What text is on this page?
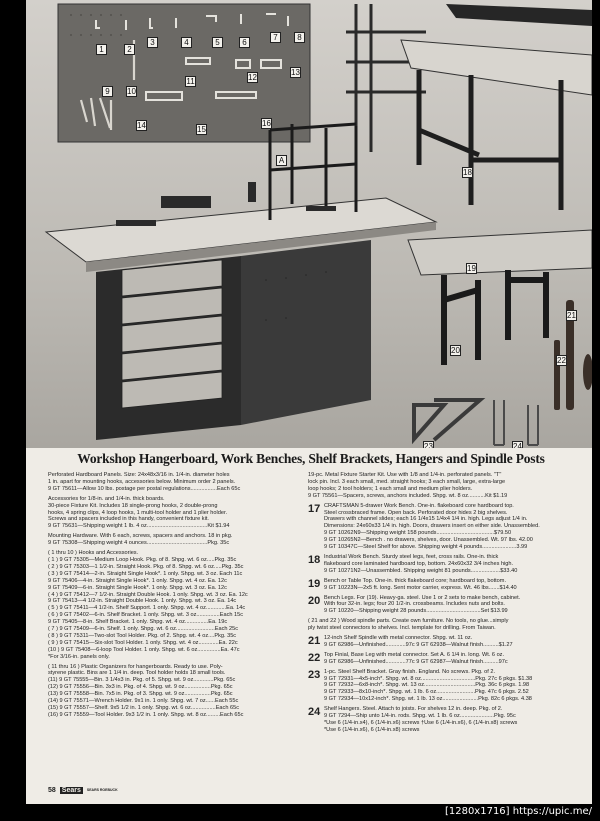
1	2
3	4	5	6
7	8
9	10
11	12
13
14	15
16
A
18
19
20
21
22
23	24
Workshop Hangerboard, Work Benches, Shelf Brackets, Hangers and Spindle Posts
Perforated Hardboard Panels. Size: 24x48x3/16 in. 1/4-in. diameter holes
1 in. apart for mounting hooks, accessories below. Minimum order 2 panels.
9 GT 75611—Allow 10 lbs. postage per postal regulations.................Each 65c
Accessories for 1/8-in. and 1/4-in. thick boards.
30-piece Fixture Kit. Includes 18 single-prong hooks, 2 double-prong
hooks, 4 spring clips, 4 loop hooks, 1 multi-tool holder and 1 plier holder.
Screws and spacers included in this handy, convenient fixture kit.
9 GT 75631—Shipping weight 1 lb. 4 oz.......................................Kit $1.94
Mounting Hardware. With 6 each, screws, spacers and anchors. 18 in pkg.
9 GT 75308—Shipping weight 4 ounces.......................................Pkg. 35c
( 1 thru 10 ) Hooks and Accessories.
( 1 ) 9 GT 75305—Medium Loop Hook. Pkg. of 8. Shpg. wt. 6 oz.....Pkg. 35c
( 2 ) 9 GT 75303—1 1/2-in. Straight Hook. Pkg. of 8. Shpg. wt. 6 oz.....Pkg. 35c
( 3 ) 9 GT 75414—2-in. Straight Single Hook*. 1 only. Shpg. wt. 3 oz. Each 11c
9 GT 75406—4-in. Straight Single Hook*. 1 only. Shpg. wt. 4 oz. Ea. 12c
9 GT 75409—6-in. Straight Single Hook*. 1 only. Shpg. wt. 3 oz. Ea. 12c
( 4 ) 9 GT 75412—7 1/2-in. Straight Double Hook. 1 only. Shpg. wt. 3 oz. Ea. 12c
9 GT 75413—4 1/2-in. Straight Double Hook. 1 only. Shpg. wt. 3 oz. Ea. 14c
( 5 ) 9 GT 75411—4 1/2-in. Shelf Support. 1 only. Shpg. wt. 4 oz.............Ea. 14c
( 6 ) 9 GT 75402—6-in. Shelf Bracket. 1 only. Shpg. wt. 3 oz...............Each 15c
9 GT 75405—8-in. Shelf Bracket. 1 only. Shpg. wt. 4 oz...............Ea. 19c
( 7 ) 9 GT 75409—6-in. Shelf. 1 only. Shpg. wt. 6 oz.........................Each 25c
( 8 ) 9 GT 75311—Two-slot Tool Holder. Pkg. of 2. Shpg. wt. 4 oz....Pkg. 35c
( 9 ) 9 GT 75415—Six-slot Tool Holder. 1 only. Shpg. wt. 4 oz.............Ea. 22c
(10 ) 9 GT 75408—6-loop Tool Holder. 1 only. Shpg. wt. 6 oz...............Ea. 47c
*For 3/16-in. panels only.
( 11 thru 16 ) Plastic Organizers for hangerboards. Ready to use. Poly-
styrene plastic. Bins are 1 1/4 in. deep. Tool holder holds 18 small tools.
(11) 9 GT 75555—Bin. 3 1/4x3 in. Pkg. of 5. Shpg. wt. 9 oz.............Pkg. 65c
(12) 9 GT 75556—Bin. 3x3 in. Pkg. of 4. Shpg. wt. 9 oz.................Pkg. 65c
(13) 9 GT 75558—Bin. 7x5 in. Pkg. of 3. Shpg. wt. 9 oz.................Pkg. 65c
(14) 9 GT 75571—Wrench Holder. 9x1 in. 1 only. Shpg. wt. 7 oz......Each 55c
(15) 9 GT 75557—Shelf. 9x5 1/2 in. 1 only. Shpg. wt. 6 oz................Each 65c
(16) 9 GT 75559—Tool Holder. 9x3 1/2 in. 1 only. Shpg. wt. 8 oz.........Each 65c
19-pc. Metal Fixture Starter Kit. Use with 1/8 and 1/4-in. perforated panels. "T"
lock pin. Incl. 3 each small, med. straight hooks; 3 each small, large, extra-large
loop hooks; 2 tool holders; 1 each small and medium plier holders.
9 GT 75561—Spacers, screws, anchors included. Shpg. wt. 8 oz...........Kit $1.19
17 CRAFTSMAN 5-drawer Work Bench. One-in. flakeboard core hardboard top.
Steel crossbraced frame. Open back. Perforated door hides 2 big shelves.
Drawers with channel slides; each 16 1/4x15 1/4x4 1/4 in. high. Legs adjust 1/4 in.
Dimensions: 24x60x33 1/4 in. high. Doors, drawers insert on either side. Unassembled.
9 GT 10262N9—Shipping weight 158 pounds.....................................$79.50
9 GT 10265N2—Bench . no drawers, shelves, door. Unassembled. Wt. 97 lbs. 42.00
9 GT 10347C—Steel Shelf for above. Shipping weight 4 pounds......................3.99
18 Industrial Work Bench. Sturdy steel legs, feet, cross rails. One-in. thick
flakeboard core laminated hardboard top, bottom. 24x60x32 3/4 inches high.
9 GT 10271N2—Unassembled. Shipping weight 81 pounds...................$33.40
19 Bench or Table Top. One-in. thick flakeboard core; hardboard top, bottom.
9 GT 10223N—2x5 ft. long. Sent motor carrier, express. Wt. 46 lbs.......$14.40
20 Bench Legs. For (19). Heavy-ga. steel. Use 1 or 2 sets to make bench, cabinet.
With four 32-in. legs; four 20 1/2-in. crossbeams. Includes nuts and bolts.
9 GT 10220—Shipping weight 28 pounds...................................Set $13.99
( 21 and 22 ) Wood spindle parts. Create own furniture. No tools, no glue...simply
ply twist steel connectors to shelves. Incl. template for drilling. From Taiwan.
21 12-inch Shelf Spindle with metal connector. Shpg. wt. 11 oz.
9 GT 62986—Unfinished.............97c 9 GT 62938—Walnut finish..........$1.27
22 Top Finial, Base Leg with metal connector. Set A. 6 1/4 in. long. Wt. 6 oz.
9 GT 62986—Unfinished.............77c 9 GT 62987—Walnut finish..........97c
23 1-pc. Steel Shelf Bracket. Gray finish. England. No screws. Pkg. of 2.
9 GT 72931—4x5-inch*. Shpg. wt. 8 oz...................................Pkg. 27c 6 pkgs. $1.38
9 GT 72932—6x8-inch*. Shpg. wt. 13 oz.................................Pkg. 36c 6 pkgs. 1.98
9 GT 72933—8x10-inch*. Shpg. wt. 1 lb. 6 oz.........................Pkg. 47c 6 pkgs. 2.52
9 GT 72934—10x12-inch*. Shpg. wt. 1 lb. 13 oz.......................Pkg. 82c 6 pkgs. 4.38
24 Shelf Hangers. Steel. Attach to joists. For shelves 12 in. deep. Pkg. of 2.
9 GT 7294—Ship unto 1/4-in. rods. Shpg. wt. 1 lb. 6 oz......................Pkg. 95c
*Use 6 (1/4-in.x4), 6 (1/4-in.x6) screws †Use 6 (1/4-in.x6), 6 (1/4-in.x8) screws
*Use 6 (1/4-in.x6), 6 (1/4-in.x8) screws
58 Sears	SEARS ROEBUCK
[1280x1716] https://upic.me/
